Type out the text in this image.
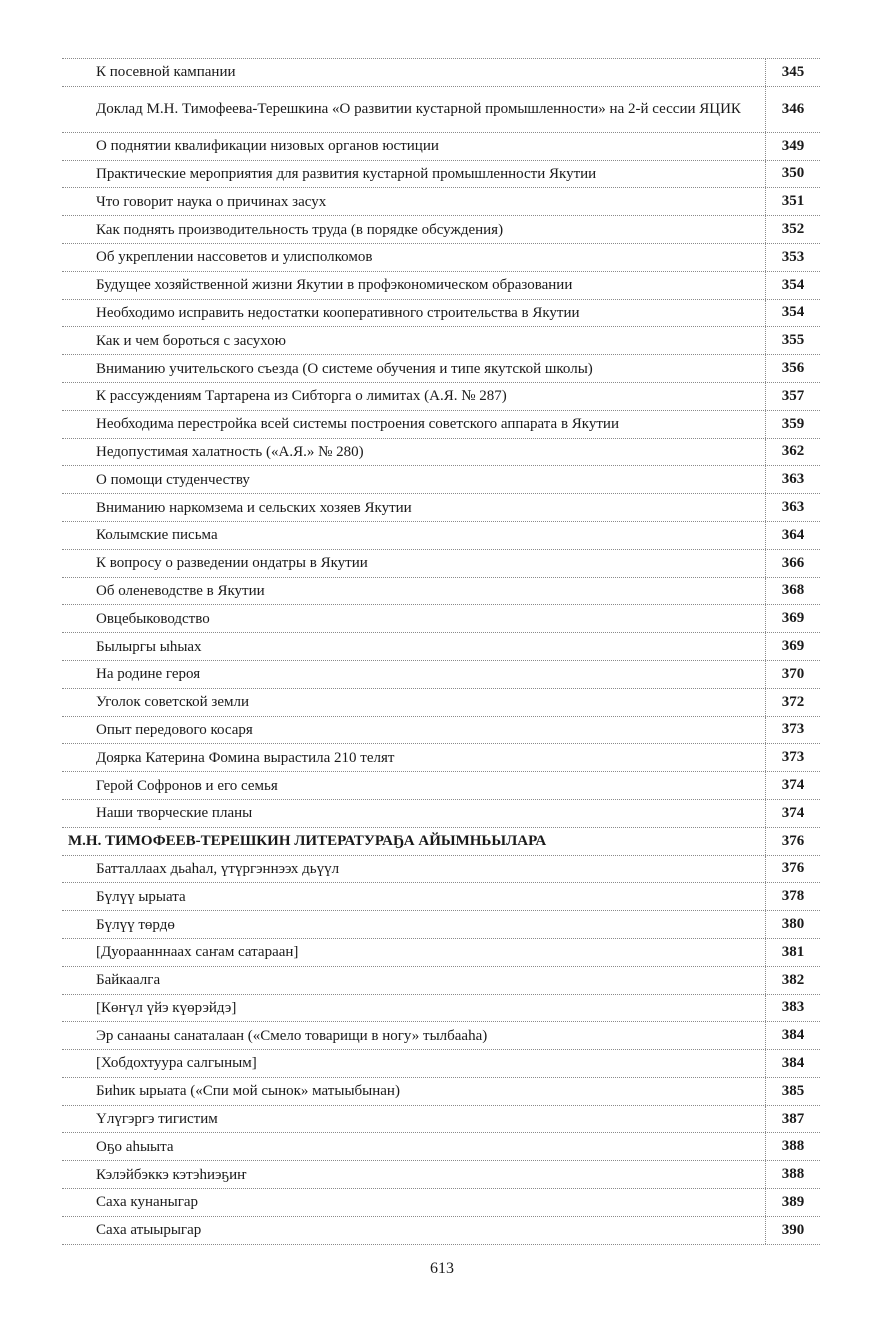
К посевной кампании	345
Доклад М.Н. Тимофеева-Терешкина «О развитии кустарной промышленности» на 2-й сессии ЯЦИК	346
О поднятии квалификации низовых органов юстиции	349
Практические мероприятия для развития кустарной промышленности Якутии	350
Что говорит наука о причинах засух	351
Как поднять производительность труда (в порядке обсуждения)	352
Об укреплении нассоветов и улисполкомов	353
Будущее хозяйственной жизни Якутии в профэкономическом образовании	354
Необходимо исправить недостатки кооперативного строительства в Якутии	354
Как и чем бороться с засухою	355
Вниманию учительского съезда (О системе обучения и типе якутской школы)	356
К рассуждениям Тартарена из Сибторга о лимитах (А.Я. № 287)	357
Необходима перестройка всей системы построения советского аппарата в Якутии	359
Недопустимая халатность («А.Я.» № 280)	362
О помощи студенчеству	363
Вниманию наркомзема и сельских хозяев Якутии	363
Колымские письма	364
К вопросу о разведении ондатры в Якутии	366
Об оленеводстве в Якутии	368
Овцебыководство	369
Былыргы ыһыах	369
На родине героя	370
Уголок советской земли	372
Опыт передового косаря	373
Доярка Катерина Фомина вырастила 210 телят	373
Герой Софронов и его семья	374
Наши творческие планы	374
М.Н. ТИМОФЕЕВ-ТЕРЕШКИН ЛИТЕРАТУРАҔА АЙЫМНЬЫЛАРА	376
Батталлаах дьаһал, үтүргэннээх дьүүл	376
Бүлүү ырыата	378
Бүлүү төрдө	380
[Дуораанннаах саҥам сатараан]	381
Байкаалга	382
[Көҥүл үйэ күөрэйдэ]	383
Эр санааны санаталаан («Смело товарищи в ногу» тылбааһа)	384
[Хобдохтуура салгыным]	384
Биһик ырыата («Спи мой сынок» матыыбынан)	385
Үлүгэргэ тигистим	387
Оҕо аһыыта	388
Кэлэйбэккэ кэтэһиэҕиҥ	388
Саха кунаныгар	389
Саха атыырыгар	390
613
